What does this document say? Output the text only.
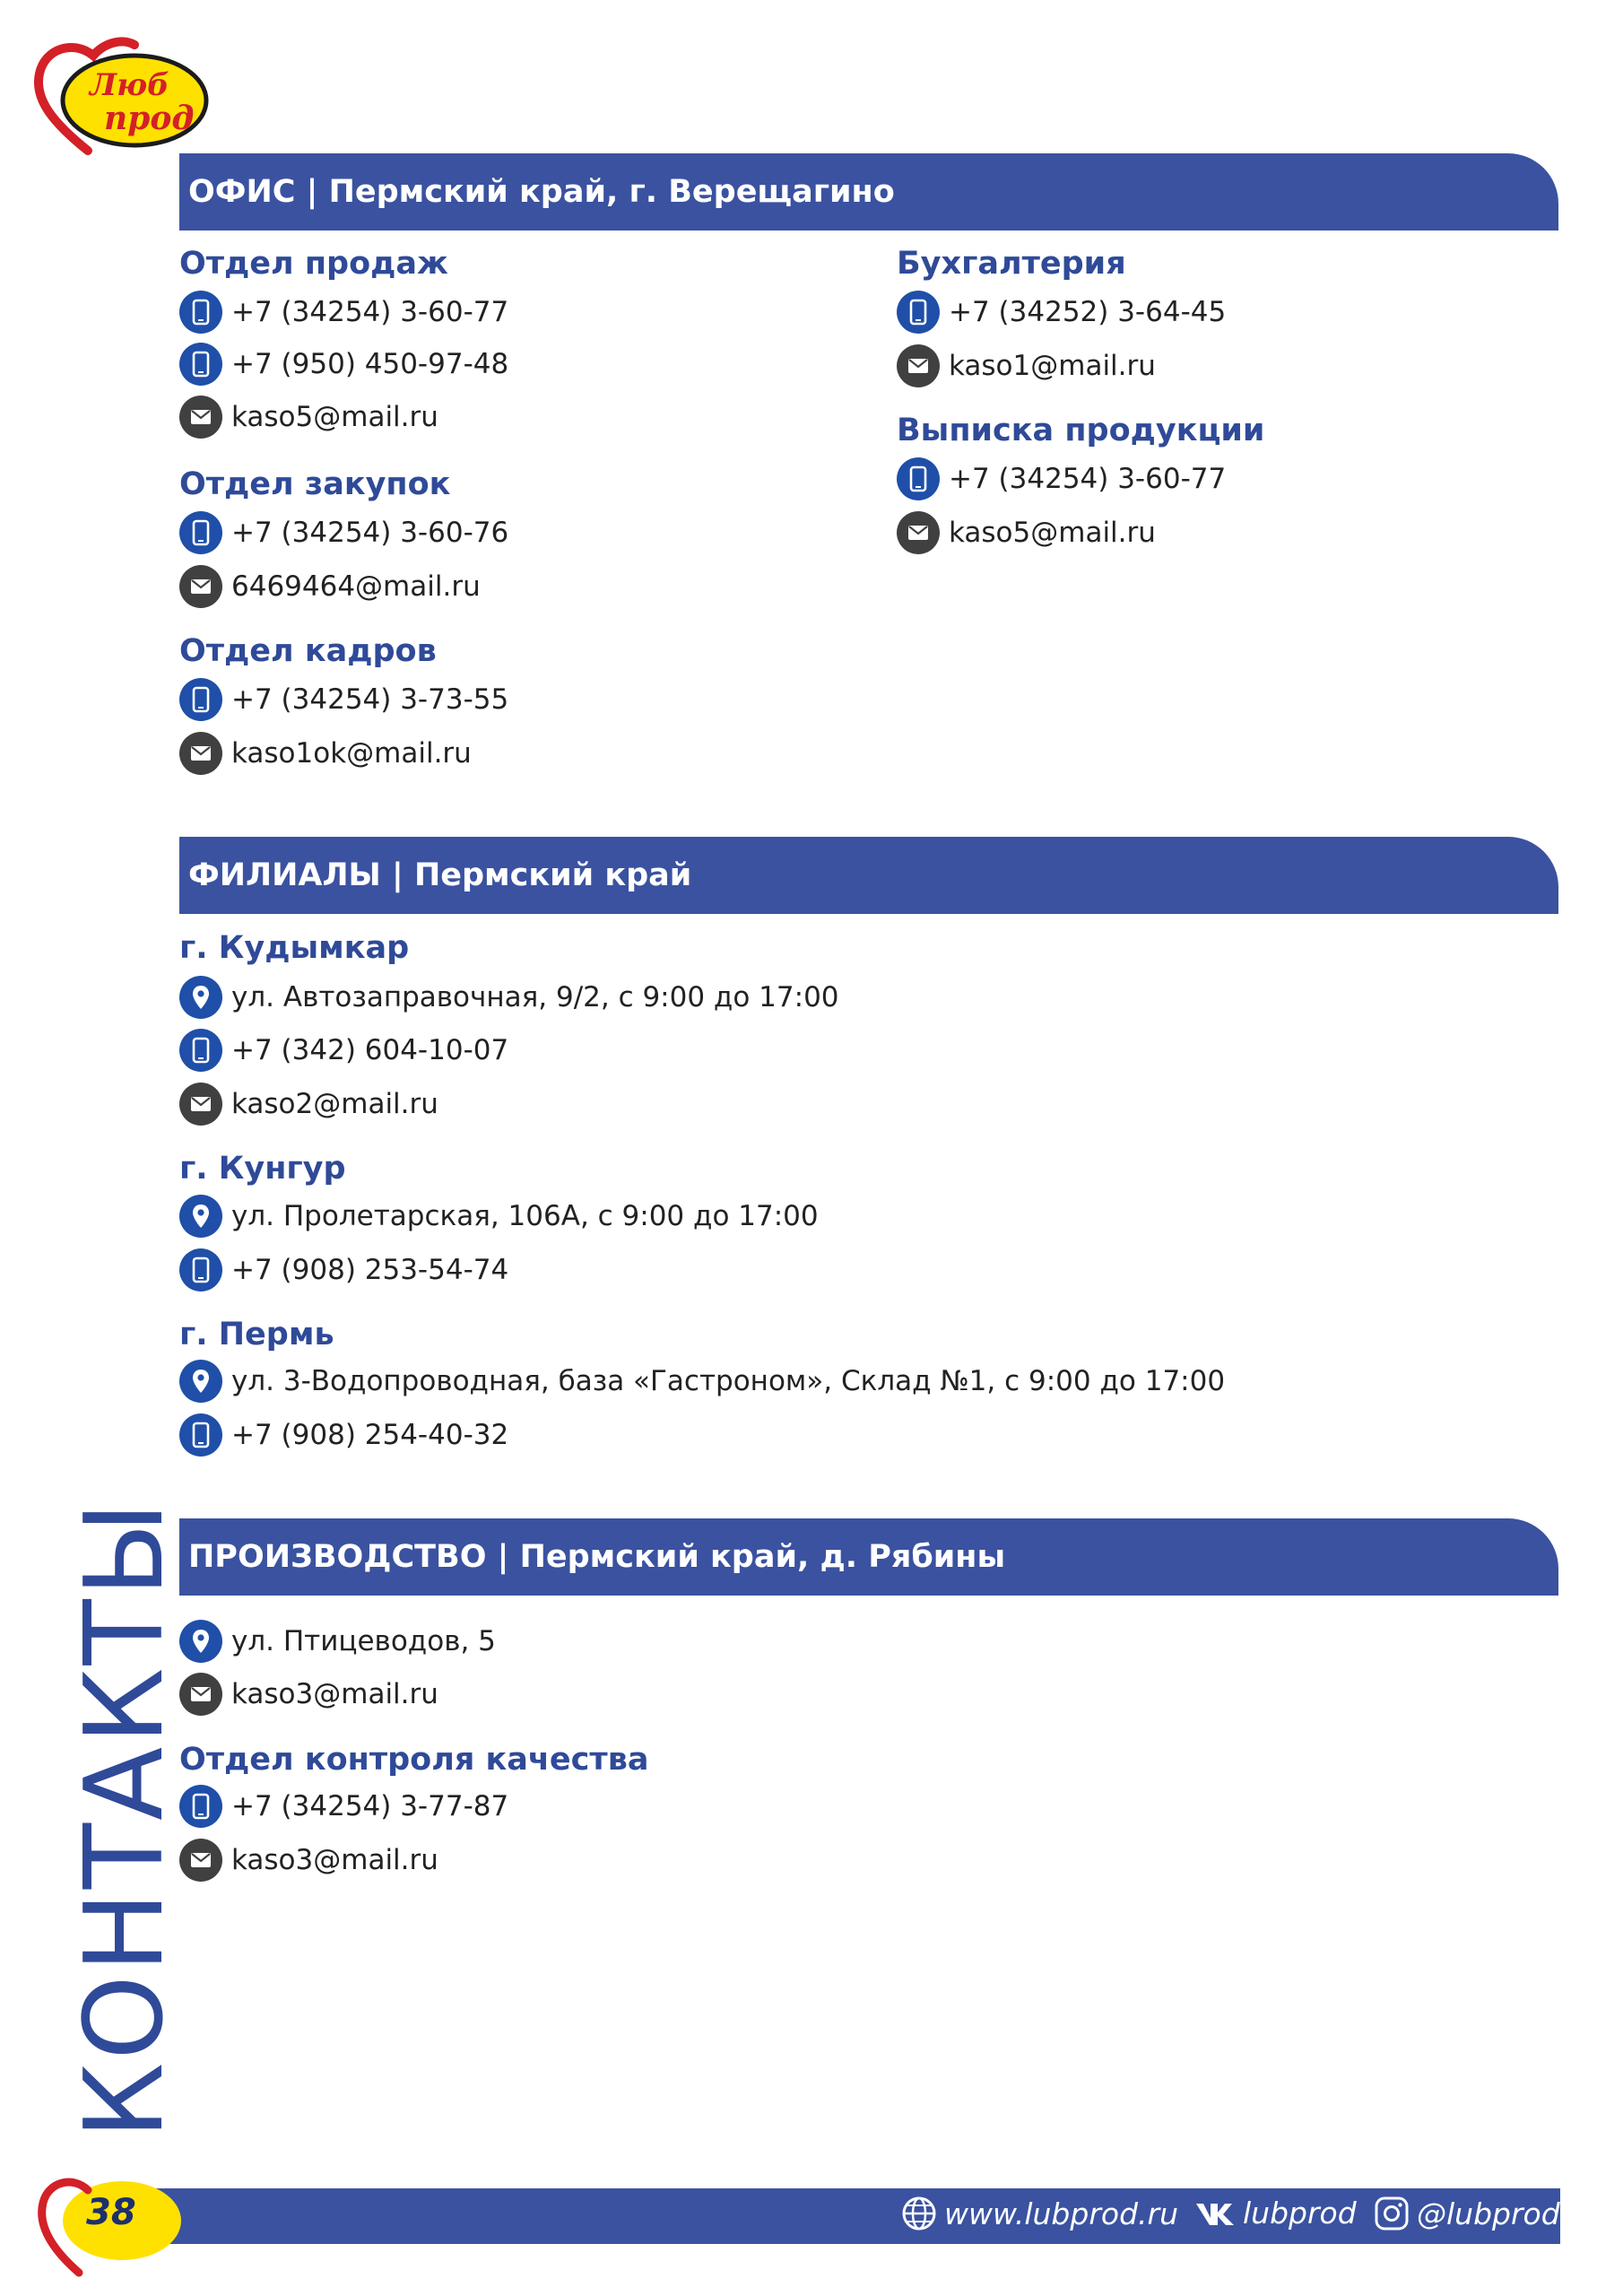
Люб
прод
ОФИС | Пермский край, г. Верещагино
Отдел продаж
+7 (34254) 3-60-77
+7 (950) 450-97-48
kaso5@mail.ru
Отдел закупок
+7 (34254) 3-60-76
6469464@mail.ru
Отдел кадров
+7 (34254) 3-73-55
kaso1ok@mail.ru
Бухгалтерия
+7 (34252) 3-64-45
kaso1@mail.ru
Выписка продукции
+7 (34254) 3-60-77
kaso5@mail.ru
ФИЛИАЛЫ | Пермский край
г. Кудымкар
ул. Автозаправочная, 9/2, с 9:00 до 17:00
+7 (342) 604-10-07
kaso2@mail.ru
г. Кунгур
ул. Пролетарская, 106А, с 9:00 до 17:00
+7 (908) 253-54-74
г. Пермь
ул. 3-Водопроводная, база «Гастроном», Склад №1, с 9:00 до 17:00
+7 (908) 254-40-32
ПРОИЗВОДСТВО | Пермский край, д. Рябины
ул. Птицеводов, 5
kaso3@mail.ru
Отдел контроля качества
+7 (34254) 3-77-87
kaso3@mail.ru
КОНТАКТЫ
38	www.lubprod.ru lubprod @lubprod
